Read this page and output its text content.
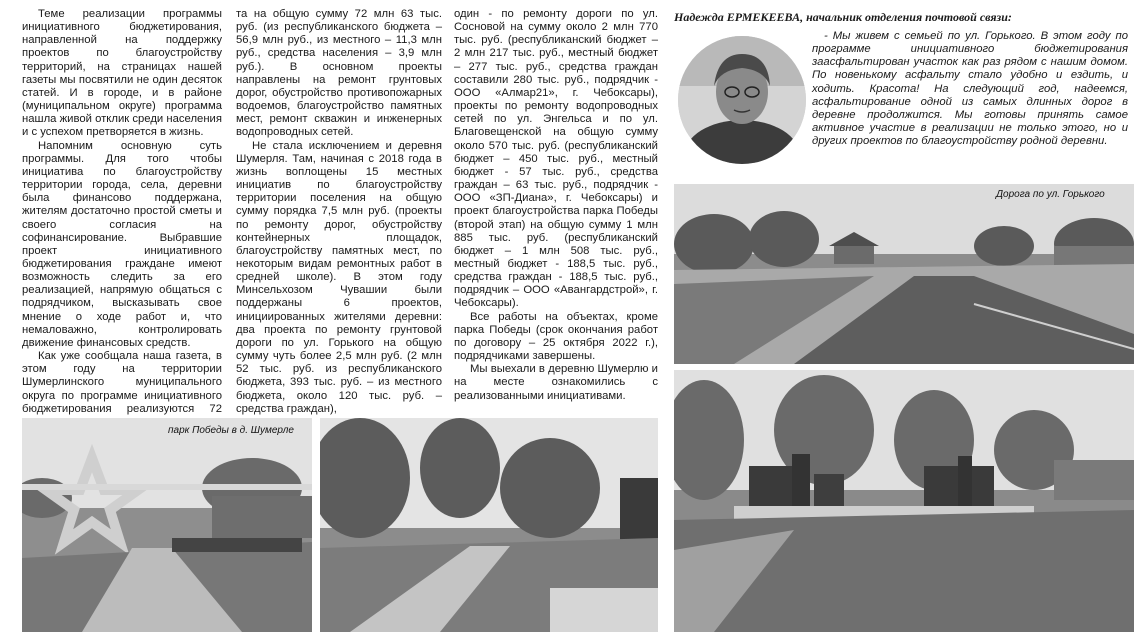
Теме реализации программы инициативного бюджетирования, направленной на поддержку проектов по благоустройству территорий, на страницах нашей газеты мы посвятили не один десяток статей. И в городе, и в районе (муниципальном округе) программа нашла живой отклик среди населения и с успехом претворяется в жизнь.

Напомним основную суть программы. Для того чтобы инициатива по благоустройству территории города, села, деревни была финансово поддержана, жителям достаточно простой сметы и своего согласия на софинансирование. Выбравшие проект инициативного бюджетирования граждане имеют возможность следить за его реализацией, напрямую общаться с подрядчиком, высказывать свое мнение о ходе работ и, что немаловажно, контролировать движение финансовых средств.

Как уже сообщала наша газета, в этом году на территории Шумерлинского муниципального округа по программе инициативного бюджетирования реализуются 72

та на общую сумму 72 млн 63 тыс. руб. (из республиканского бюджета – 56,9 млн руб., из местного – 11,3 млн руб., средства населения – 3,9 млн руб.). В основном проекты направлены на ремонт грунтовых дорог, обустройство противопожарных водоемов, благоустройство памятных мест, ремонт скважин и инженерных водопроводных сетей.

Не стала исключением и деревня Шумерля. Там, начиная с 2018 года в жизнь воплощены 15 местных инициатив по благоустройству территории поселения на общую сумму порядка 7,5 млн руб. (проекты по ремонту дорог, обустройству контейнерных площадок, благоустройству памятных мест, по некоторым видам ремонтных работ в средней школе). В этом году Минсельхозом Чувашии были поддержаны 6 проектов, инициированных жителями деревни: два проекта по ремонту грунтовой дороги по ул. Горького на общую сумму чуть более 2,5 млн руб. (2 млн 52 тыс. руб. из республиканского бюджета, 393 тыс. руб. – из местного бюджета, около 120 тыс. руб. – средства граждан),

один - по ремонту дороги по ул. Сосновой на сумму около 2 млн 770 тыс. руб. (республиканский бюджет – 2 млн 217 тыс. руб., местный бюджет – 277 тыс. руб., средства граждан составили 280 тыс. руб., подрядчик - ООО «Алмар21», г. Чебоксары), проекты по ремонту водопроводных сетей по ул. Энгельса и по ул. Благовещенской на общую сумму около 570 тыс. руб. (республиканский бюджет – 450 тыс. руб., местный бюджет - 57 тыс. руб., средства граждан – 63 тыс. руб., подрядчик - ООО «ЗП-Диана», г. Чебоксары) и проект благоустройства парка Победы (второй этап) на общую сумму 1 млн 885 тыс. руб. (республиканский бюджет – 1 млн 508 тыс. руб., местный бюджет - 188,5 тыс. руб., средства граждан - 188,5 тыс. руб., подрядчик – ООО «Авангардстрой», г. Чебоксары).

Все работы на объектах, кроме парка Победы (срок окончания работ по договору – 25 октября 2022 г.), подрядчиками завершены.

Мы выехали в деревню Шумерлю и на месте ознакомились с реализованными инициативами.

Надежда ЕРМЕКЕЕВА, начальник отделения почтовой связи:

- Мы живем с семьей по ул. Горького. В этом году по программе инициативного бюджетирования заасфальтирован участок как раз рядом с нашим домом. По новенькому асфальту стало удобно и ездить, и ходить. Красота! На следующий год, надеемся, асфальтирование одной из самых длинных дорог в деревне продолжится. Мы готовы принять самое активное участие в реализации не только этого, но и других проектов по благоустройству родной деревни.

Дорога по ул. Горького
парк Победы в д. Шумерле
